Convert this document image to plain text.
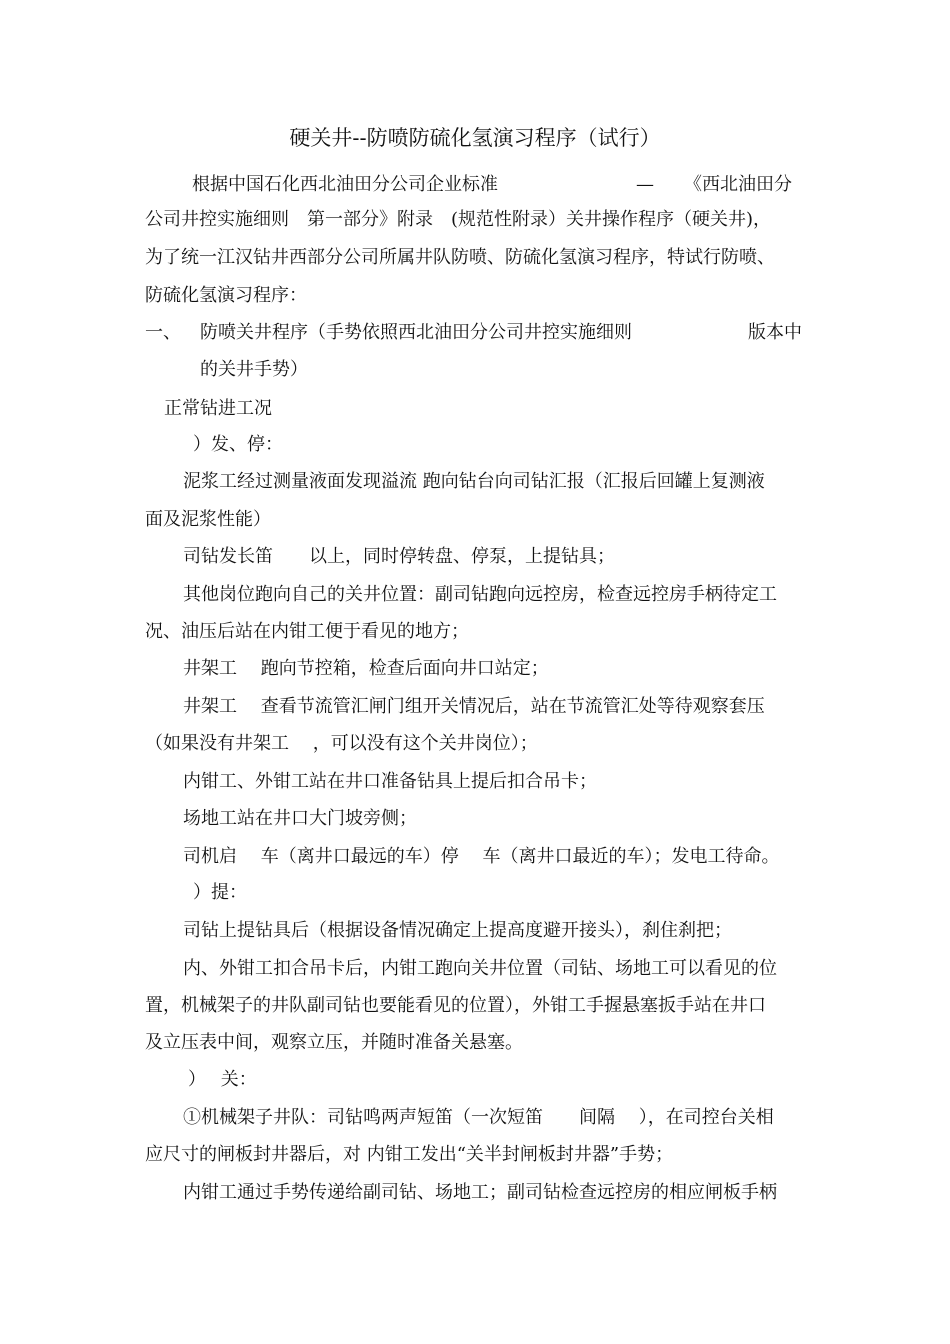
硬关井--防喷防硫化氢演习程序（试行）
根据中国石化西北油田分公司企业标准	— 《西北油田分
公司井控实施细则　第一部分》附录　(规范性附录）关井操作程序（硬关井)，
为了统一江汉钻井西部分公司所属井队防喷、防硫化氢演习程序，特试行防喷、
防硫化氢演习程序：
一、 防喷关井程序（手势依照西北油田分公司井控实施细则	版本中
的关井手势）
正常钻进工况
）发、停：
泥浆工经过测量液面发现溢流 跑向钻台向司钻汇报（汇报后回罐上复测液
面及泥浆性能）
司钻发长笛　　以上，同时停转盘、停泵，上提钻具；
其他岗位跑向自己的关井位置：副司钻跑向远控房，检查远控房手柄待定工
况、油压后站在内钳工便于看见的地方；
井架工　 跑向节控箱，检查后面向井口站定；
井架工　 查看节流管汇闸门组开关情况后，站在节流管汇处等待观察套压
（如果没有井架工　 ，可以没有这个关井岗位）；
内钳工、外钳工站在井口准备钻具上提后扣合吊卡；
场地工站在井口大门坡旁侧；
司机启　 车（离井口最远的车）停　 车（离井口最近的车）；发电工待命。
）提：
司钻上提钻具后（根据设备情况确定上提高度避开接头），刹住刹把；
内、外钳工扣合吊卡后，内钳工跑向关井位置（司钻、场地工可以看见的位
置，机械架子的井队副司钻也要能看见的位置），外钳工手握悬塞扳手站在井口
及立压表中间，观察立压，并随时准备关悬塞。
）　 关：
①机械架子井队：司钻鸣两声短笛（一次短笛　　间隔　 ），在司控台关相
应尺寸的闸板封井器后，对 内钳工发出“关半封闸板封井器”手势；
内钳工通过手势传递给副司钻、场地工；副司钻检查远控房的相应闸板手柄
